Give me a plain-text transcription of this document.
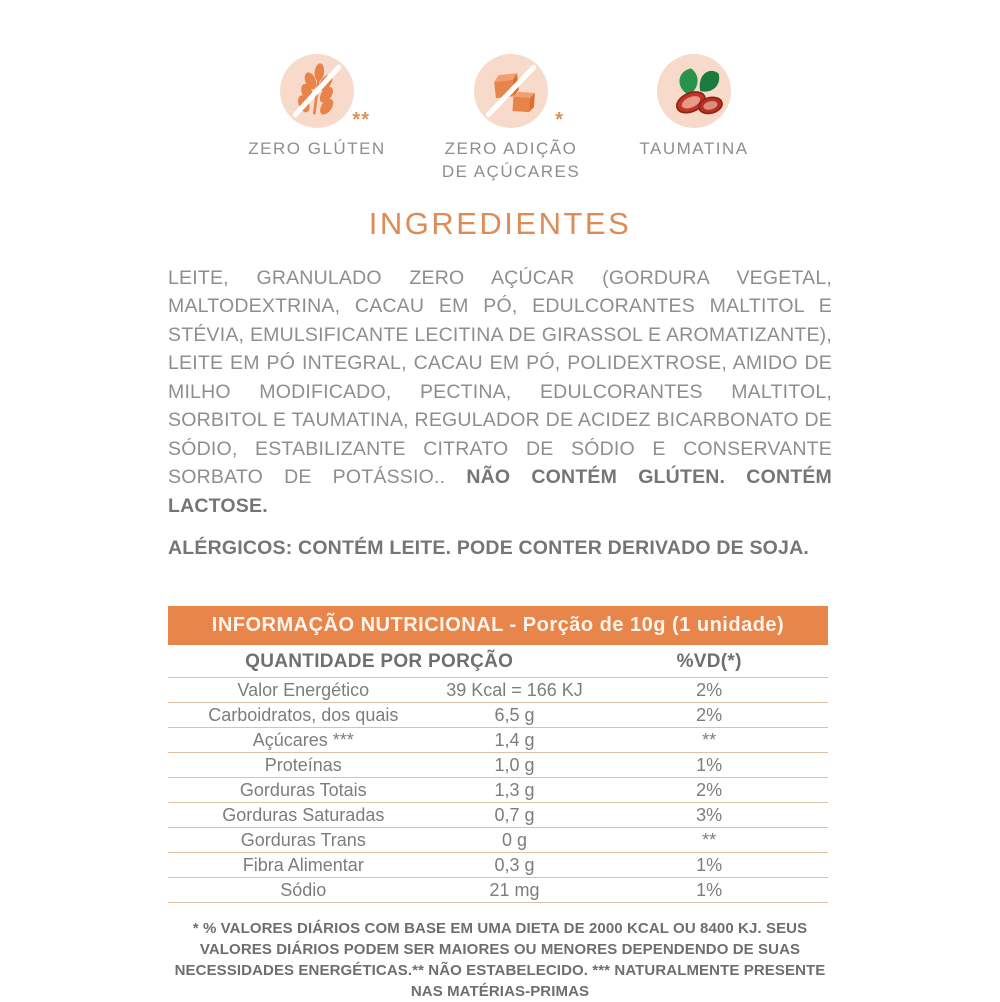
**
ZERO GLÚTEN
*
ZERO ADIÇÃO DE AÇÚCARES
TAUMATINA
INGREDIENTES

LEITE, GRANULADO ZERO AÇÚCAR (GORDURA VEGETAL, MALTODEXTRINA, CACAU EM PÓ, EDULCORANTES MALTITOL E STÉVIA, EMULSIFICANTE LECITINA DE GIRASSOL E AROMATIZANTE), LEITE EM PÓ INTEGRAL, CACAU EM PÓ, POLIDEXTROSE, AMIDO DE MILHO MODIFICADO, PECTINA, EDULCORANTES MALTITOL, SORBITOL E TAUMATINA, REGULADOR DE ACIDEZ BICARBONATO DE SÓDIO, ESTABILIZANTE CITRATO DE SÓDIO E CONSERVANTE SORBATO DE POTÁSSIO.. NÃO CONTÉM GLÚTEN. CONTÉM LACTOSE.

ALÉRGICOS: CONTÉM LEITE. PODE CONTER DERIVADO DE SOJA.

INFORMAÇÃO NUTRICIONAL - Porção de 10g (1 unidade)
QUANTIDADE POR PORÇÃO	%VD(*)
Valor Energético	39 Kcal = 166 KJ	2%
Carboidratos, dos quais	6,5 g	2%
Açúcares ***	1,4 g	**
Proteínas	1,0 g	1%
Gorduras Totais	1,3 g	2%
Gorduras Saturadas	0,7 g	3%
Gorduras Trans	0 g	**
Fibra Alimentar	0,3 g	1%
Sódio	21 mg	1%

* % VALORES DIÁRIOS COM BASE EM UMA DIETA DE 2000 KCAL OU 8400 KJ. SEUS VALORES DIÁRIOS PODEM SER MAIORES OU MENORES DEPENDENDO DE SUAS NECESSIDADES ENERGÉTICAS.** NÃO ESTABELECIDO. *** NATURALMENTE PRESENTE NAS MATÉRIAS-PRIMAS
